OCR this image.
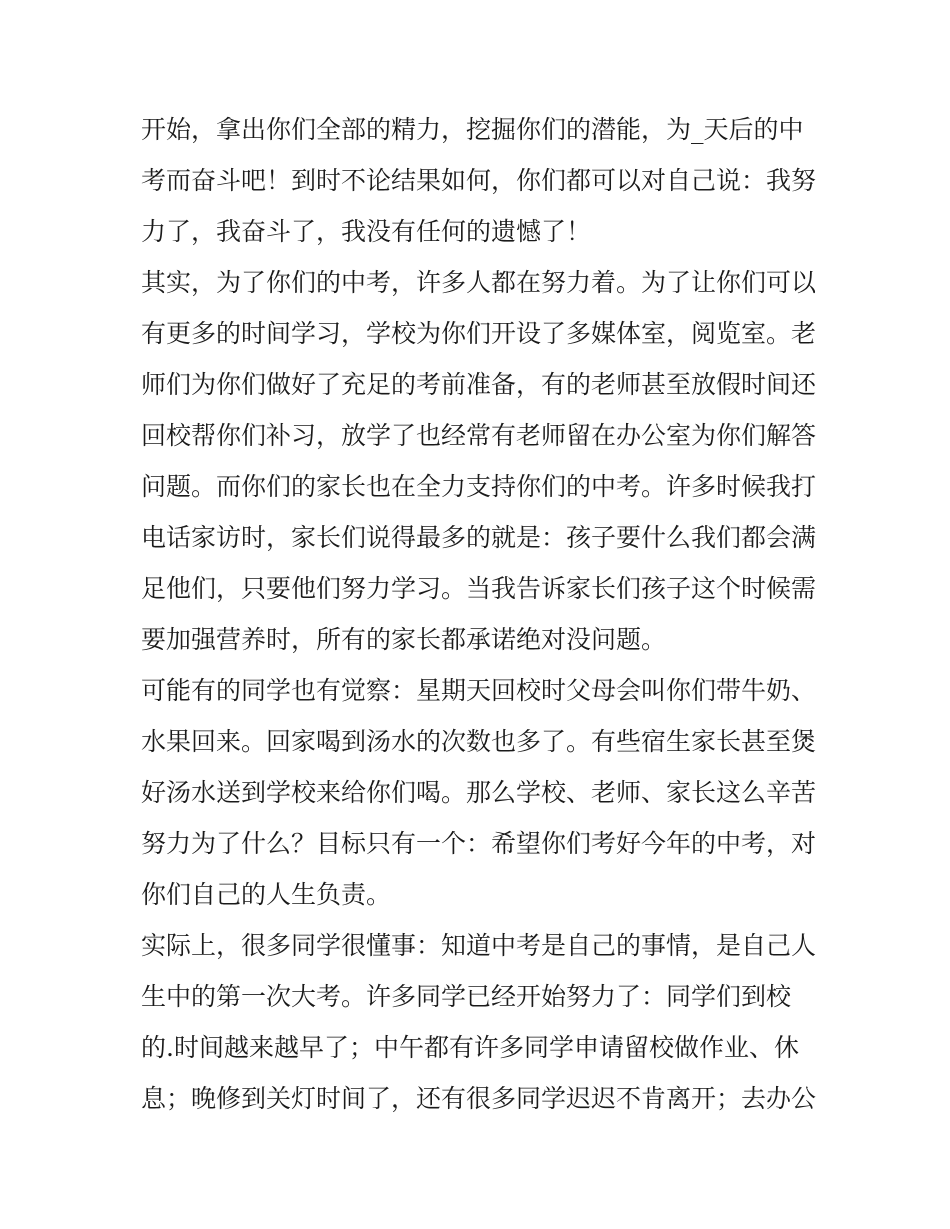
开始，拿出你们全部的精力，挖掘你们的潜能，为_天后的中
考而奋斗吧！到时不论结果如何，你们都可以对自己说：我努
力了，我奋斗了，我没有任何的遗憾了！
其实，为了你们的中考，许多人都在努力着。为了让你们可以
有更多的时间学习，学校为你们开设了多媒体室，阅览室。老
师们为你们做好了充足的考前准备，有的老师甚至放假时间还
回校帮你们补习，放学了也经常有老师留在办公室为你们解答
问题。而你们的家长也在全力支持你们的中考。许多时候我打
电话家访时，家长们说得最多的就是：孩子要什么我们都会满
足他们，只要他们努力学习。当我告诉家长们孩子这个时候需
要加强营养时，所有的家长都承诺绝对没问题。
可能有的同学也有觉察：星期天回校时父母会叫你们带牛奶、
水果回来。回家喝到汤水的次数也多了。有些宿生家长甚至煲
好汤水送到学校来给你们喝。那么学校、老师、家长这么辛苦
努力为了什么？目标只有一个：希望你们考好今年的中考，对
你们自己的人生负责。
实际上，很多同学很懂事：知道中考是自己的事情，是自己人
生中的第一次大考。许多同学已经开始努力了：同学们到校
的.时间越来越早了；中午都有许多同学申请留校做作业、休
息；晚修到关灯时间了，还有很多同学迟迟不肯离开；去办公
